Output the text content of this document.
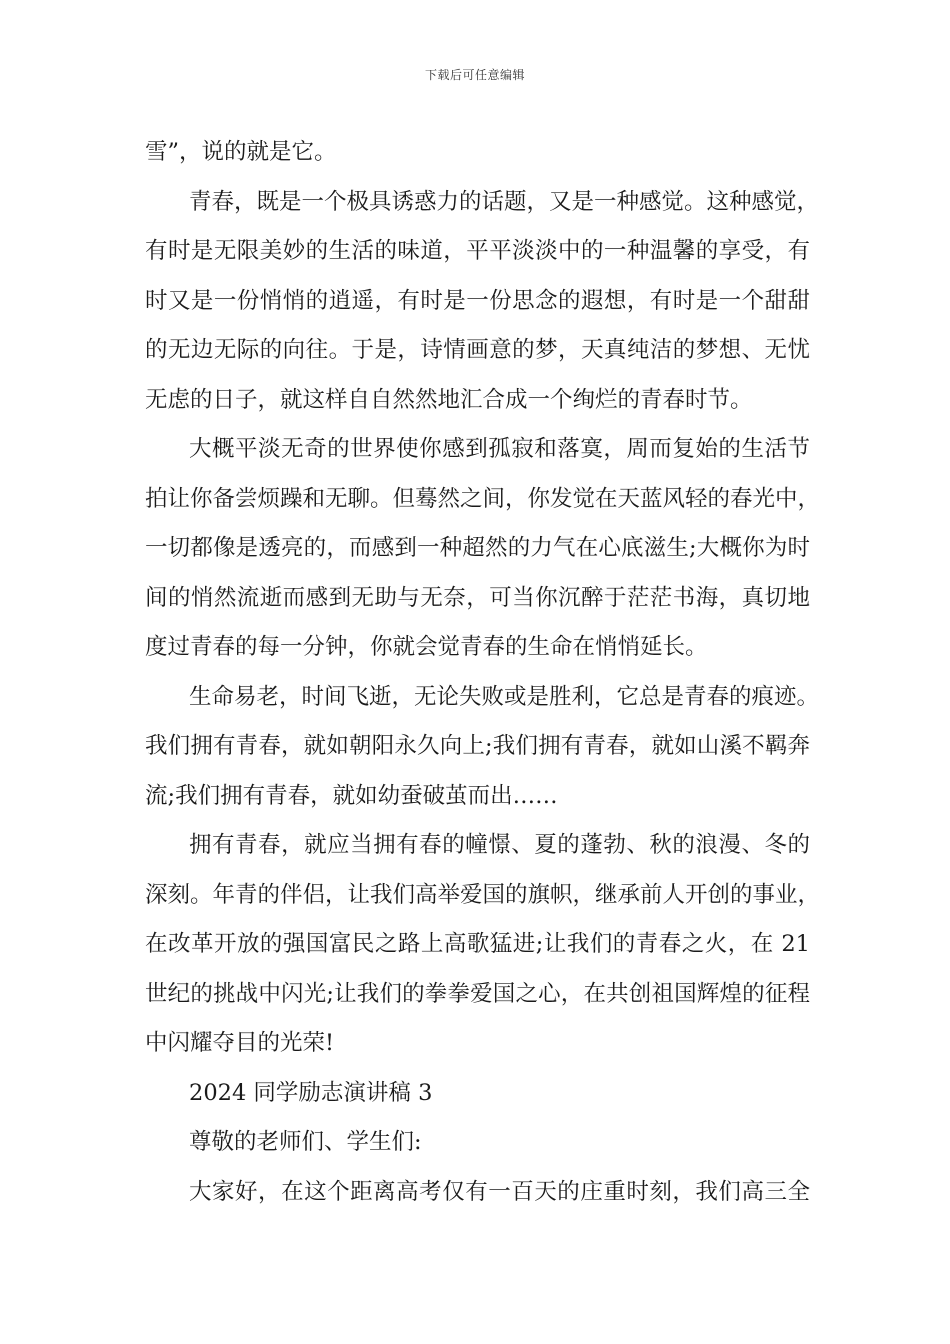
下载后可任意编辑
雪”，说的就是它。
青春，既是一个极具诱惑力的话题，又是一种感觉。这种感觉，
有时是无限美妙的生活的味道，平平淡淡中的一种温馨的享受，有
时又是一份悄悄的逍遥，有时是一份思念的遐想，有时是一个甜甜
的无边无际的向往。于是，诗情画意的梦，天真纯洁的梦想、无忧
无虑的日子，就这样自自然然地汇合成一个绚烂的青春时节。
大概平淡无奇的世界使你感到孤寂和落寞，周而复始的生活节
拍让你备尝烦躁和无聊。但蓦然之间，你发觉在天蓝风轻的春光中，
一切都像是透亮的，而感到一种超然的力气在心底滋生;大概你为时
间的悄然流逝而感到无助与无奈，可当你沉醉于茫茫书海，真切地
度过青春的每一分钟，你就会觉青春的生命在悄悄延长。
生命易老，时间飞逝，无论失败或是胜利，它总是青春的痕迹。
我们拥有青春，就如朝阳永久向上;我们拥有青春，就如山溪不羁奔
流;我们拥有青春，就如幼蚕破茧而出……
拥有青春，就应当拥有春的幢憬、夏的蓬勃、秋的浪漫、冬的
深刻。年青的伴侣，让我们高举爱国的旗帜，继承前人开创的事业，
在改革开放的强国富民之路上高歌猛进;让我们的青春之火，在 21
世纪的挑战中闪光;让我们的拳拳爱国之心，在共创祖国辉煌的征程
中闪耀夺目的光荣!
2024 同学励志演讲稿 3
尊敬的老师们、学生们:
大家好，在这个距离高考仅有一百天的庄重时刻，我们高三全
